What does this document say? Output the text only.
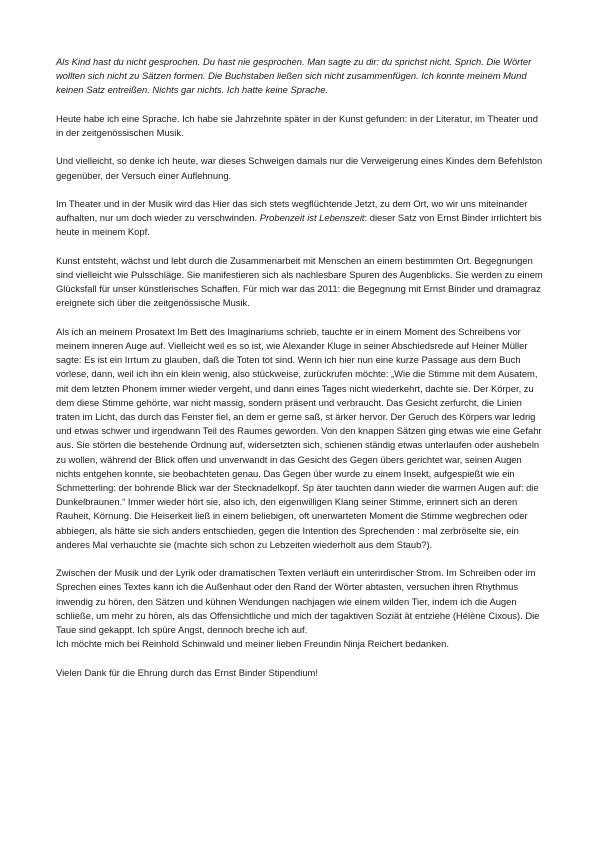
Als Kind hast du nicht gesprochen. Du hast nie gesprochen. Man sagte zu dir: du sprichst nicht. Sprich. Die Wörter wollten sich nicht zu Sätzen formen. Die Buchstaben ließen sich nicht zusammenfügen. Ich konnte meinem Mund keinen Satz entreißen. Nichts gar nichts. Ich hatte keine Sprache.

Heute habe ich eine Sprache. Ich habe sie Jahrzehnte später in der Kunst gefunden: in der Literatur, im Theater und in der zeitgenössischen Musik.

Und vielleicht, so denke ich heute, war dieses Schweigen damals nur die Verweigerung eines Kindes dem Befehlston gegenüber, der Versuch einer Auflehnung.

Im Theater und in der Musik wird das Hier das sich stets wegflüchtende Jetzt, zu dem Ort, wo wir uns miteinander aufhalten, nur um doch wieder zu verschwinden. Probenzeit ist Lebenszeit: dieser Satz von Ernst Binder irrlichtert bis heute in meinem Kopf.

Kunst entsteht, wächst und lebt durch die Zusammenarbeit mit Menschen an einem bestimmten Ort. Begegnungen sind vielleicht wie Pulsschläge. Sie manifestieren sich als nachlesbare Spuren des Augenblicks. Sie werden zu einem Glücksfall für unser künstlerisches Schaffen. Für mich war das 2011: die Begegnung mit Ernst Binder und dramagraz ereignete sich über die zeitgenössische Musik.

Als ich an meinem Prosatext Im Bett des Imaginariums schrieb, tauchte er in einem Moment des Schreibens vor meinem inneren Auge auf. Vielleicht weil es so ist, wie Alexander Kluge in seiner Abschiedsrede auf Heiner Müller sagte: Es ist ein Irrtum zu glauben, daß die Toten tot sind. Wenn ich hier nun eine kurze Passage aus dem Buch vorlese, dann, weil ich ihn ein klein wenig, also stückweise, zurückrufen möchte: „Wie die Stimme mit dem Ausatem, mit dem letzten Phonem immer wieder vergeht, und dann eines Tages nicht wiederkehrt, dachte sie. Der Körper, zu dem diese Stimme gehörte, war nicht massig, sondern präsent und verbraucht. Das Gesicht zerfurcht, die Linien traten im Licht, das durch das Fenster fiel, an dem er gerne saß, st ärker hervor. Der Geruch des Körpers war ledrig und etwas schwer und irgendwann Teil des Raumes geworden. Von den knappen Sätzen ging etwas wie eine Gefahr aus. Sie störten die bestehende Ordnung auf, widersetzten sich, schienen ständig etwas unterlaufen oder aushebeln zu wollen, während der Blick offen und unverwandt in das Gesicht des Gegen übers gerichtet war, seinen Augen nichts entgehen konnte, sie beobachteten genau. Das Gegen über wurde zu einem Insekt, aufgespießt wie ein Schmetterling: der bohrende Blick war der Stecknadelkopf. Sp äter tauchten dann wieder die warmen Augen auf: die Dunkelbraunen.“ Immer wieder hört sie, also ich, den eigenwilligen Klang seiner Stimme, erinnert sich an deren Rauheit, Körnung. Die Heiserkeit ließ in einem beliebigen, oft unerwarteten Moment die Stimme wegbrechen oder abbiegen, als hätte sie sich anders entschieden, gegen die Intention des Sprechenden : mal zerbröselte sie, ein anderes Mal verhauchte sie (machte sich schon zu Lebzeiten wiederholt aus dem Staub?).

Zwischen der Musik und der Lyrik oder dramatischen Texten verläuft ein unterirdischer Strom. Im Schreiben oder im Sprechen eines Textes kann ich die Außenhaut oder den Rand der Wörter abtasten, versuchen ihren Rhythmus inwendig zu hören, den Sätzen und kühnen Wendungen nachjagen wie einem wilden Tier, indem ich die Augen schließe, um mehr zu hören, als das Offensichtliche und mich der tagaktiven Soziät ät entziehe (Hélène Cixous). Die Taue sind gekappt. Ich spüre Angst, dennoch breche ich auf.

Ich möchte mich bei Reinhold Schinwald und meiner lieben Freundin Ninja Reichert bedanken.

Vielen Dank für die Ehrung durch das Ernst Binder Stipendium!
